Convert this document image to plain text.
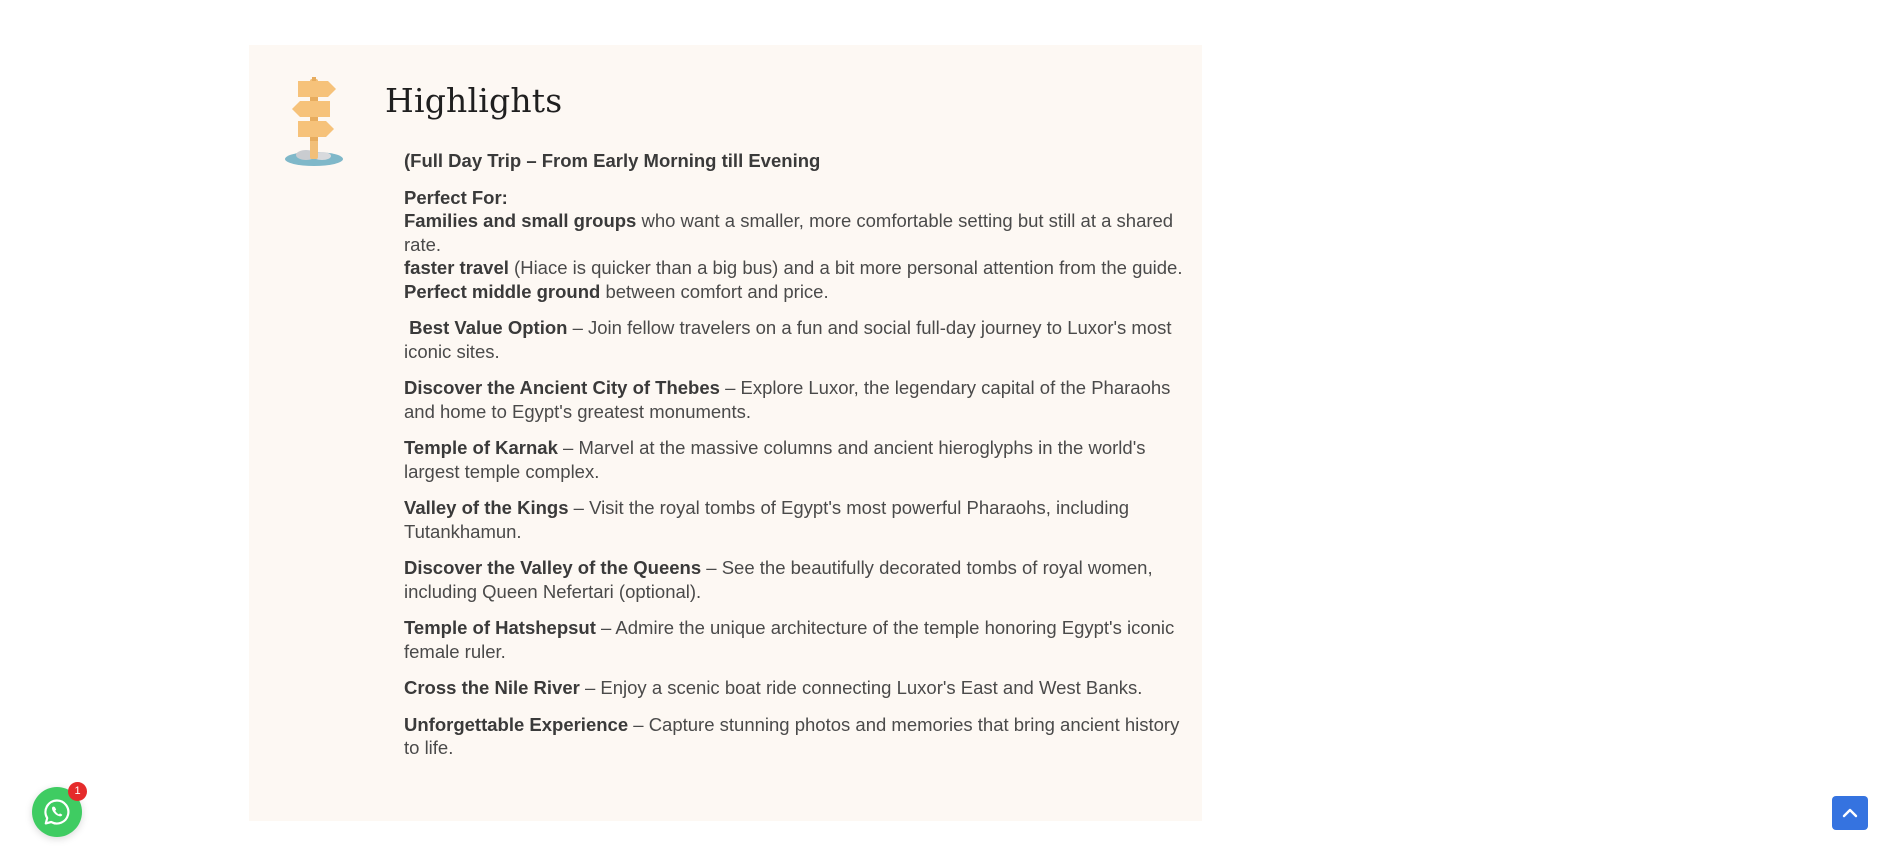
Highlights

(Full Day Trip – From Early Morning till Evening

Perfect For:
Families and small groups who want a smaller, more comfortable setting but still at a shared rate.
faster travel (Hiace is quicker than a big bus) and a bit more personal attention from the guide.
Perfect middle ground between comfort and price.

Best Value Option – Join fellow travelers on a fun and social full-day journey to Luxor's most iconic sites.

Discover the Ancient City of Thebes – Explore Luxor, the legendary capital of the Pharaohs and home to Egypt's greatest monuments.

Temple of Karnak – Marvel at the massive columns and ancient hieroglyphs in the world's largest temple complex.

Valley of the Kings – Visit the royal tombs of Egypt's most powerful Pharaohs, including Tutankhamun.

Discover the Valley of the Queens – See the beautifully decorated tombs of royal women, including Queen Nefertari (optional).

Temple of Hatshepsut – Admire the unique architecture of the temple honoring Egypt's iconic female ruler.

Cross the Nile River – Enjoy a scenic boat ride connecting Luxor's East and West Banks.

Unforgettable Experience – Capture stunning photos and memories that bring ancient history to life.

1
